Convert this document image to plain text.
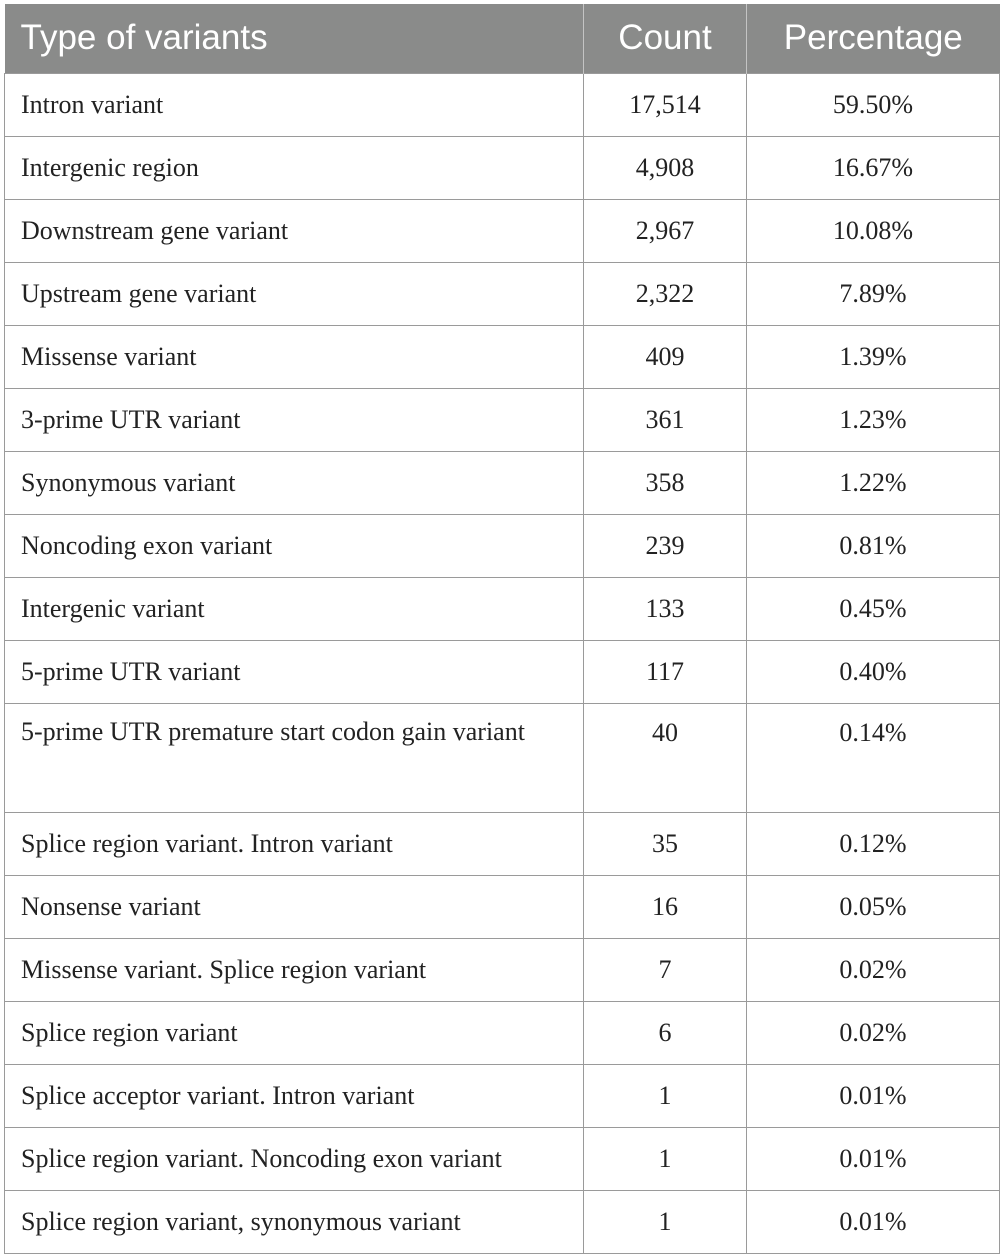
Type of variants	Count	Percentage
Intron variant	17,514	59.50%
Intergenic region	4,908	16.67%
Downstream gene variant	2,967	10.08%
Upstream gene variant	2,322	7.89%
Missense variant	409	1.39%
3-prime UTR variant	361	1.23%
Synonymous variant	358	1.22%
Noncoding exon variant	239	0.81%
Intergenic variant	133	0.45%
5-prime UTR variant	117	0.40%
5-prime UTR premature start codon gain variant	40	0.14%
Splice region variant. Intron variant	35	0.12%
Nonsense variant	16	0.05%
Missense variant. Splice region variant	7	0.02%
Splice region variant	6	0.02%
Splice acceptor variant. Intron variant	1	0.01%
Splice region variant. Noncoding exon variant	1	0.01%
Splice region variant, synonymous variant	1	0.01%
